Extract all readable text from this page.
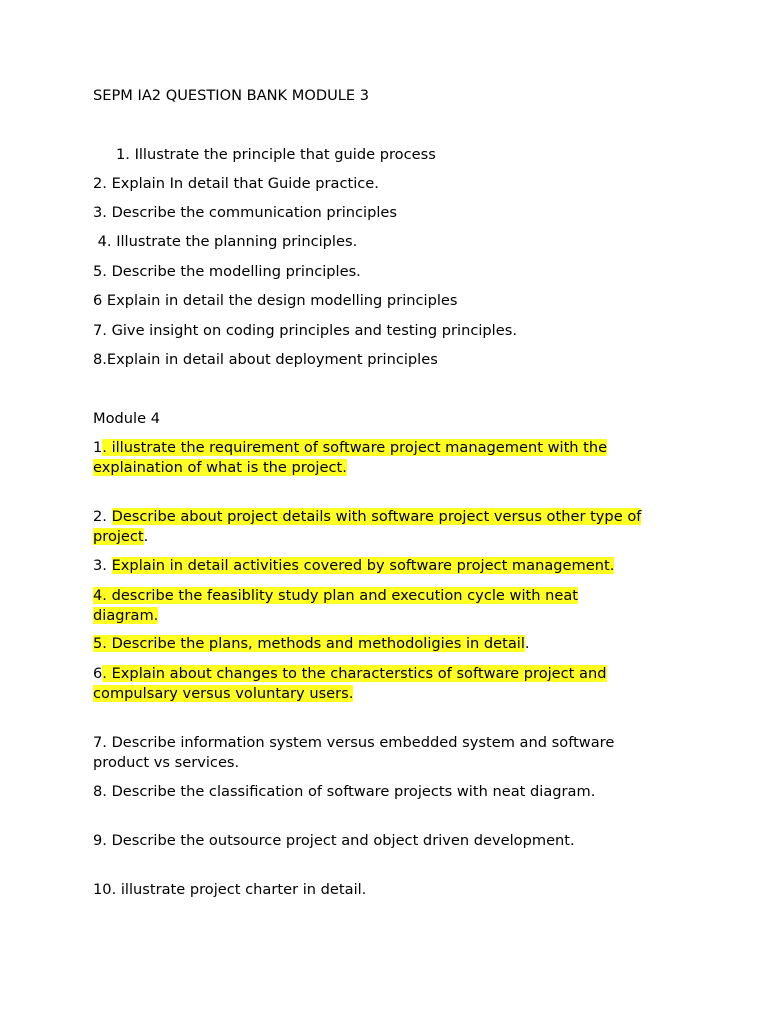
SEPM IA2 QUESTION BANK MODULE 3
1. Illustrate the principle that guide process
2. Explain In detail that Guide practice.
3. Describe the communication principles
4. Illustrate the planning principles.
5. Describe the modelling principles.
6 Explain in detail the design modelling principles
7. Give insight on coding principles and testing principles.
8.Explain in detail about deployment principles
Module 4
1. illustrate the requirement of software project management with the explaination of what is the project.
2. Describe about project details with software project versus other type of project.
3. Explain in detail activities covered by software project management.
4. describe the feasiblity study plan and execution cycle with neat diagram.
5. Describe the plans, methods and methodoligies in detail.
6. Explain about changes to the characterstics of software project and compulsary versus voluntary users.
7. Describe information system versus embedded system and software product vs services.
8. Describe the classification of software projects with neat diagram.
9. Describe the outsource project and object driven development.
10. illustrate project charter in detail.
